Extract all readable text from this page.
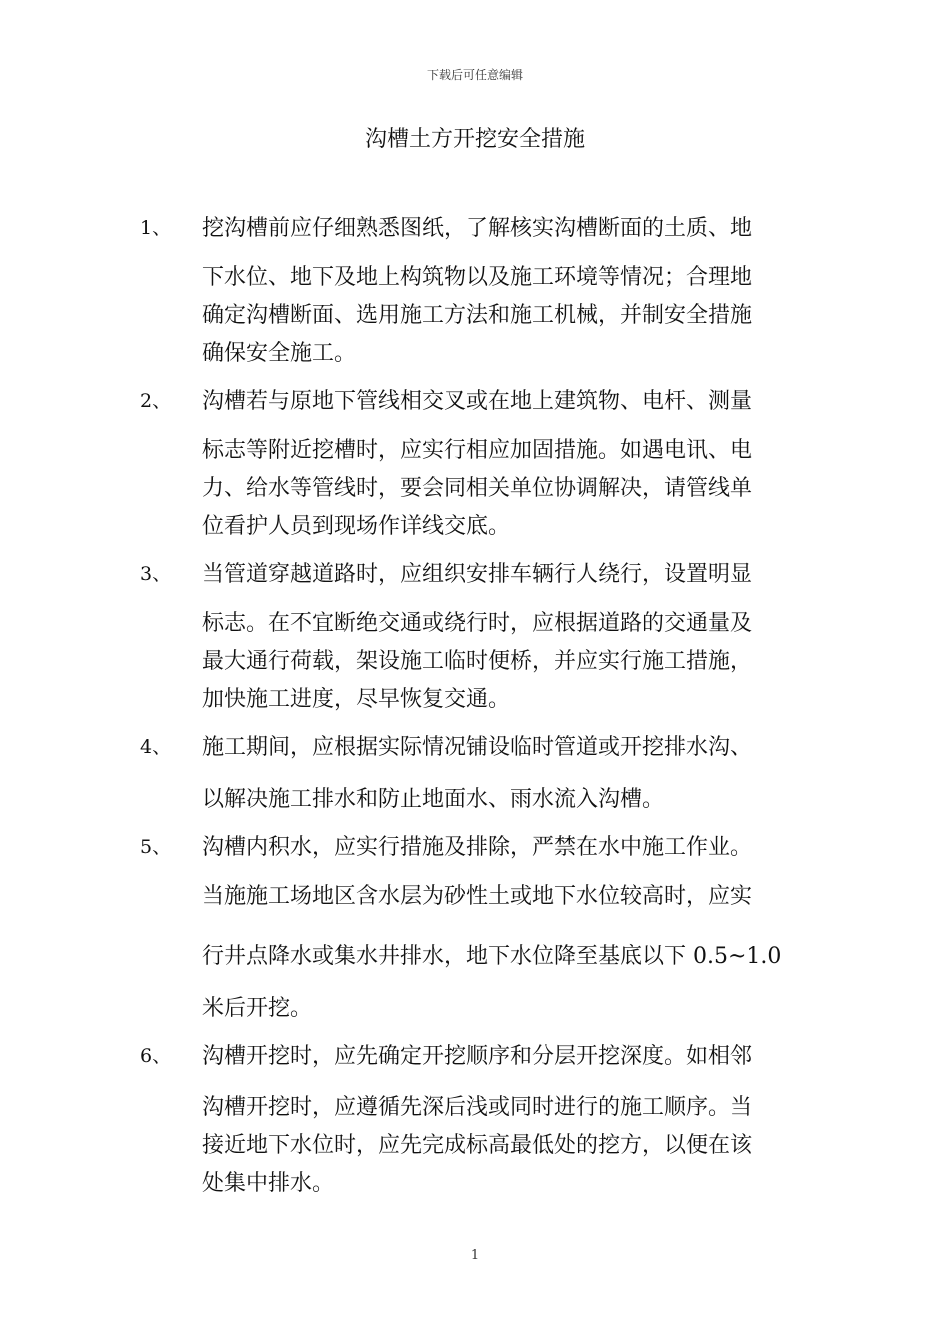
下载后可任意编辑
沟槽土方开挖安全措施
1、 挖沟槽前应仔细熟悉图纸，了解核实沟槽断面的土质、地
下水位、地下及地上构筑物以及施工环境等情况；合理地
确定沟槽断面、选用施工方法和施工机械，并制安全措施
确保安全施工。
2、 沟槽若与原地下管线相交叉或在地上建筑物、电杆、测量
标志等附近挖槽时，应实行相应加固措施。如遇电讯、电
力、给水等管线时，要会同相关单位协调解决，请管线单
位看护人员到现场作详线交底。
3、 当管道穿越道路时，应组织安排车辆行人绕行，设置明显
标志。在不宜断绝交通或绕行时，应根据道路的交通量及
最大通行荷载，架设施工临时便桥，并应实行施工措施，
加快施工进度，尽早恢复交通。
4、 施工期间，应根据实际情况铺设临时管道或开挖排水沟、
以解决施工排水和防止地面水、雨水流入沟槽。
5、 沟槽内积水，应实行措施及排除，严禁在水中施工作业。
当施施工场地区含水层为砂性土或地下水位较高时，应实
行井点降水或集水井排水，地下水位降至基底以下 0.5~1.0
米后开挖。
6、 沟槽开挖时，应先确定开挖顺序和分层开挖深度。如相邻
沟槽开挖时，应遵循先深后浅或同时进行的施工顺序。当
接近地下水位时，应先完成标高最低处的挖方，以便在该
处集中排水。
1
